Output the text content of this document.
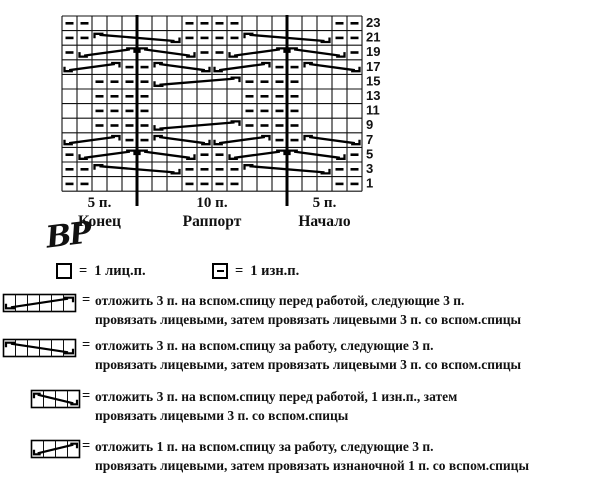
23
21
19
17
15
13
11
9
7
5
3
1
5 п.
Конец
10 п.
Раппорт
5 п.
Начало
ВР
= 1 лиц.п.	= 1 изн.п.
= отложить 3 п. на вспом.спицу перед работой, следующие 3 п.
провязать лицевыми, затем провязать лицевыми 3 п. со вспом.спицы
= отложить 3 п. на вспом.спицу за работу, следующие 3 п.
провязать лицевыми, затем провязать лицевыми 3 п. со вспом.спицы
= отложить 3 п. на вспом.спицу перед работой, 1 изн.п., затем
провязать лицевыми 3 п. со вспом.спицы
= отложить 1 п. на вспом.спицу за работу, следующие 3 п.
провязать лицевыми, затем провязать изнаночной 1 п. со вспом.спицы
